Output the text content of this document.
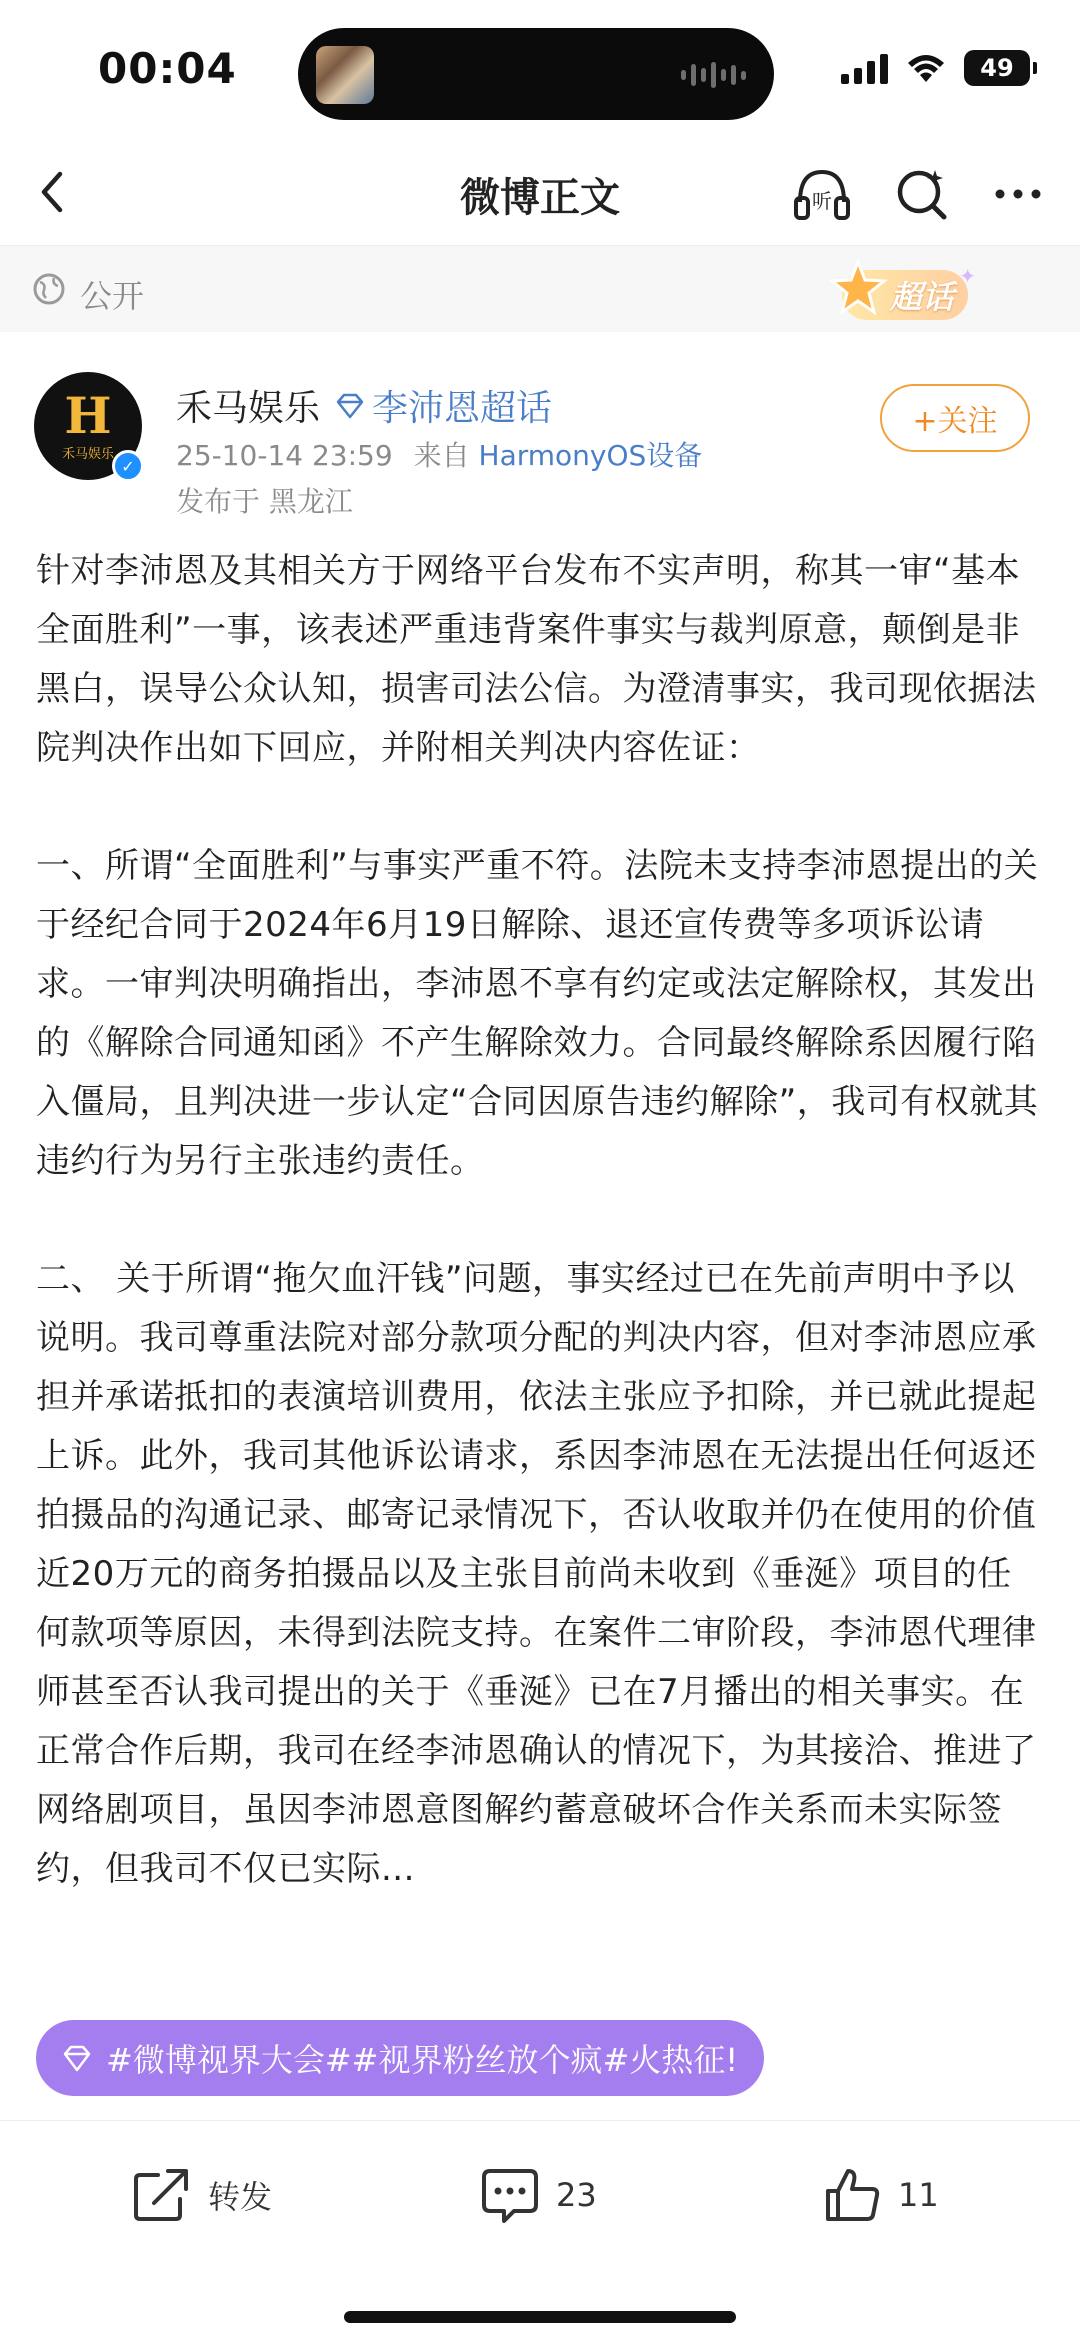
00:04	49
微博正文	听
公开	超话
✦
H
禾马娱乐
✓
禾马娱乐 李沛恩超话
25-10-14 23:59 来自 HarmonyOS设备
发布于 黑龙江
+关注

针对李沛恩及其相关方于网络平台发布不实声明，称其一审“基本全面胜利”一事，该表述严重违背案件事实与裁判原意，颠倒是非黑白，误导公众认知，损害司法公信。为澄清事实，我司现依据法院判决作出如下回应，并附相关判决内容佐证：

一、所谓“全面胜利”与事实严重不符。法院未支持李沛恩提出的关于经纪合同于2024年6月19日解除、退还宣传费等多项诉讼请求。一审判决明确指出，李沛恩不享有约定或法定解除权，其发出的《解除合同通知函》不产生解除效力。合同最终解除系因履行陷入僵局，且判决进一步认定“合同因原告违约解除”，我司有权就其违约行为另行主张违约责任。

二、 关于所谓“拖欠血汗钱”问题，事实经过已在先前声明中予以说明。我司尊重法院对部分款项分配的判决内容，但对李沛恩应承担并承诺抵扣的表演培训费用，依法主张应予扣除，并已就此提起上诉。此外，我司其他诉讼请求，系因李沛恩在无法提出任何返还拍摄品的沟通记录、邮寄记录情况下，否认收取并仍在使用的价值近20万元的商务拍摄品以及主张目前尚未收到《垂涎》项目的任何款项等原因，未得到法院支持。在案件二审阶段，李沛恩代理律师甚至否认我司提出的关于《垂涎》已在7月播出的相关事实。在正常合作后期，我司在经李沛恩确认的情况下，为其接洽、推进了网络剧项目，虽因李沛恩意图解约蓄意破坏合作关系而未实际签约，但我司不仅已实际...

#微博视界大会##视界粉丝放个疯#火热征!
转发	23	11
